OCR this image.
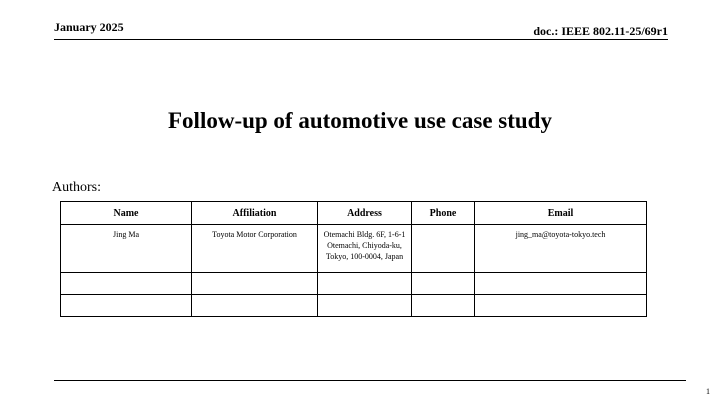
January 2025	doc.: IEEE 802.11-25/69r1
Follow-up of automotive use case study
Authors:
Name	Affiliation	Address	Phone	Email
Jing Ma	Toyota Motor Corporation	Otemachi Bldg. 6F, 1-6-1 Otemachi, Chiyoda-ku, Tokyo, 100-0004, Japan		jing_ma@toyota-tokyo.tech

1
